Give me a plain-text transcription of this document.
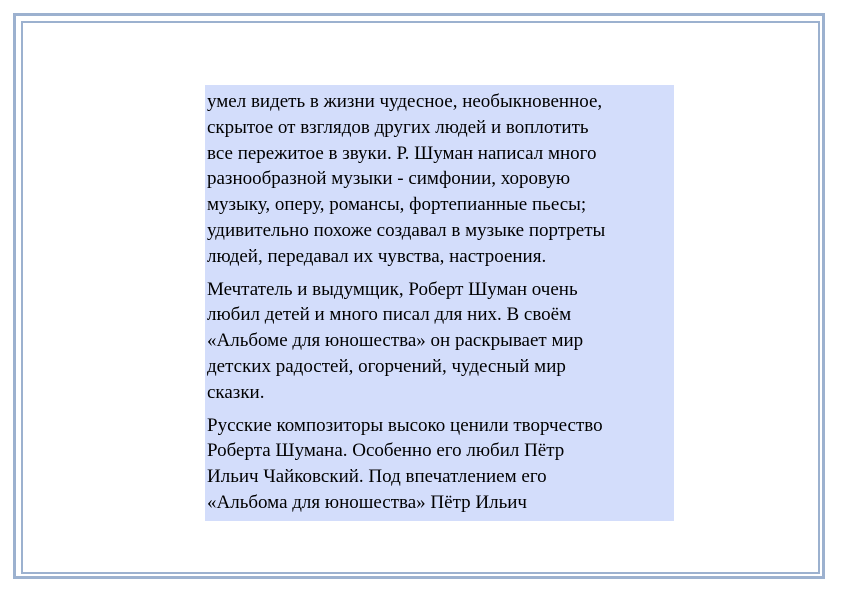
умел видеть в жизни чудесное, необыкновенное,
скрытое от взглядов других людей и воплотить
все пережитое в звуки. Р. Шуман написал много
разнообразной музыки - симфонии, хоровую
музыку, оперу, романсы, фортепианные пьесы;
удивительно похоже создавал в музыке портреты
людей, передавал их чувства, настроения.

Мечтатель и выдумщик, Роберт Шуман очень
любил детей и много писал для них. В своём
«Альбоме для юношества» он раскрывает мир
детских радостей, огорчений, чудесный мир
сказки.

Русские композиторы высоко ценили творчество
Роберта Шумана. Особенно его любил Пётр
Ильич Чайковский. Под впечатлением его
«Альбома для юношества» Пётр Ильич
